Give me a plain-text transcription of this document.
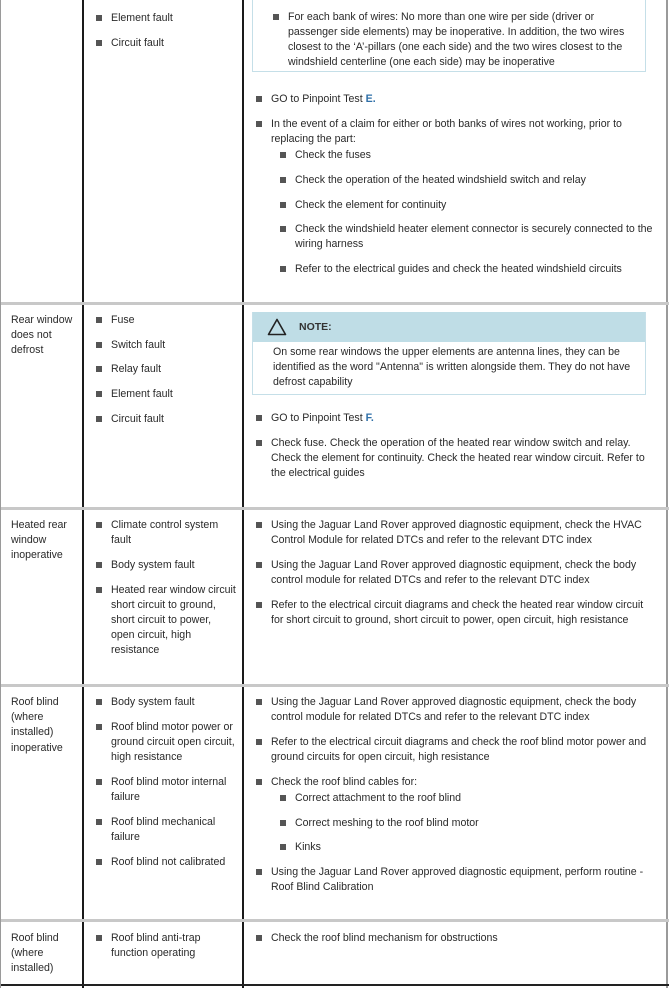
Element fault
Circuit fault
For each bank of wires: No more than one wire per side (driver or passenger side elements) may be inoperative. In addition, the two wires closest to the ‘A’-pillars (one each side) and the two wires closest to the windshield centerline (one each side) may be inoperative
GO to Pinpoint Test E.
In the event of a claim for either or both banks of wires not working, prior to replacing the part:
Check the fuses
Check the operation of the heated windshield switch and relay
Check the element for continuity
Check the windshield heater element connector is securely connected to the wiring harness
Refer to the electrical guides and check the heated windshield circuits
Rear window does not defrost
Fuse
Switch fault
Relay fault
Element fault
Circuit fault
NOTE:
On some rear windows the upper elements are antenna lines, they can be identified as the word "Antenna" is written alongside them. They do not have defrost capability
GO to Pinpoint Test F.
Check fuse. Check the operation of the heated rear window switch and relay. Check the element for continuity. Check the heated rear window circuit. Refer to the electrical guides
Heated rear window inoperative
Climate control system fault
Body system fault
Heated rear window circuit short circuit to ground, short circuit to power, open circuit, high resistance
Using the Jaguar Land Rover approved diagnostic equipment, check the HVAC Control Module for related DTCs and refer to the relevant DTC index
Using the Jaguar Land Rover approved diagnostic equipment, check the body control module for related DTCs and refer to the relevant DTC index
Refer to the electrical circuit diagrams and check the heated rear window circuit for short circuit to ground, short circuit to power, open circuit, high resistance
Roof blind (where installed) inoperative
Body system fault
Roof blind motor power or ground circuit open circuit, high resistance
Roof blind motor internal failure
Roof blind mechanical failure
Roof blind not calibrated
Using the Jaguar Land Rover approved diagnostic equipment, check the body control module for related DTCs and refer to the relevant DTC index
Refer to the electrical circuit diagrams and check the roof blind motor power and ground circuits for open circuit, high resistance
Check the roof blind cables for:
Correct attachment to the roof blind
Correct meshing to the roof blind motor
Kinks
Using the Jaguar Land Rover approved diagnostic equipment, perform routine - Roof Blind Calibration
Roof blind (where installed)
Roof blind anti-trap function operating
Check the roof blind mechanism for obstructions
